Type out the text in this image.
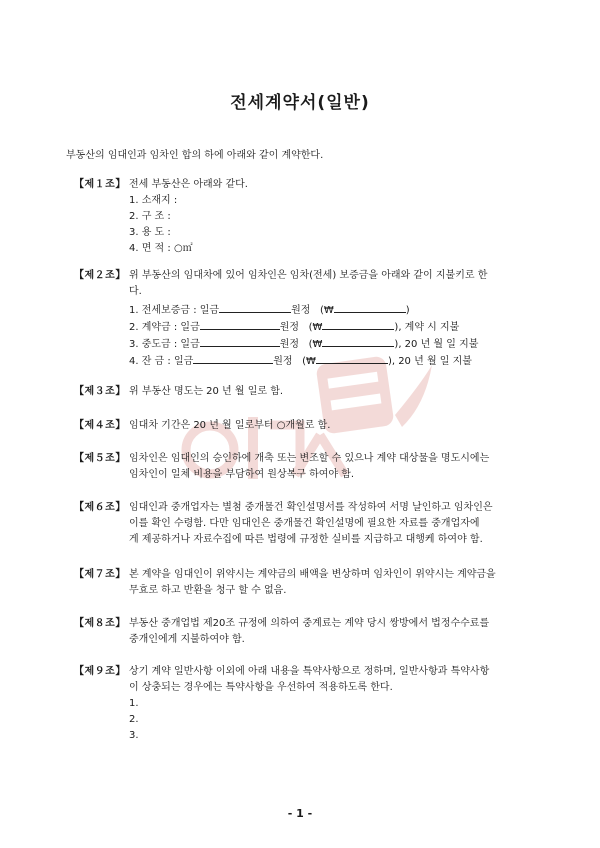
전세계약서(일반)
부동산의 임대인과 임차인 합의 하에 아래와 같이 계약한다.
【제１조】 전세 부동산은 아래와 같다.
1. 소재지 :
2. 구 조 :
3. 용 도 :
4. 면 적 : ○㎡
【제２조】 위 부동산의 임대차에 있어 임차인은 임차(전세) 보증금을 아래와 같이 지불키로 한
다.
1. 전세보증금 : 일금	원정 (₩	)
2. 계약금 : 일금	원정 (₩	), 계약 시 지불
3. 중도금 : 일금	원정 (₩	), 20 년 월 일 지불
4. 잔 금 : 일금	원정 (₩	), 20 년 월 일 지불
【제３조】 위 부동산 명도는 20 년 월 일로 함.
【제４조】 임대차 기간은 20 년 월 일로부터 ○개월로 함.
【제５조】 임차인은 임대인의 승인하에 개축 또는 변조할 수 있으나 계약 대상물을 명도시에는
임차인이 일체 비용을 부담하여 원상복구 하여야 함.
【제６조】 임대인과 중개업자는 별첨 중개물건 확인설명서를 작성하여 서명 날인하고 임차인은
이를 확인 수령함. 다만 임대인은 중개물건 확인설명에 필요한 자료를 중개업자에
게 제공하거나 자료수집에 따른 법령에 규정한 실비를 지급하고 대행케 하여야 함.
【제７조】 본 계약을 임대인이 위약시는 계약금의 배액을 변상하며 임차인이 위약시는 계약금을
무효로 하고 반환을 청구 할 수 없음.
【제８조】 부동산 중개업법 제20조 규정에 의하여 중계료는 계약 당시 쌍방에서 법정수수료를
중개인에게 지불하여야 함.
【제９조】 상기 계약 일반사항 이외에 아래 내용을 특약사항으로 정하며, 일반사항과 특약사항
이 상충되는 경우에는 특약사항을 우선하여 적용하도록 한다.
1.
2.
3.
- 1 -
